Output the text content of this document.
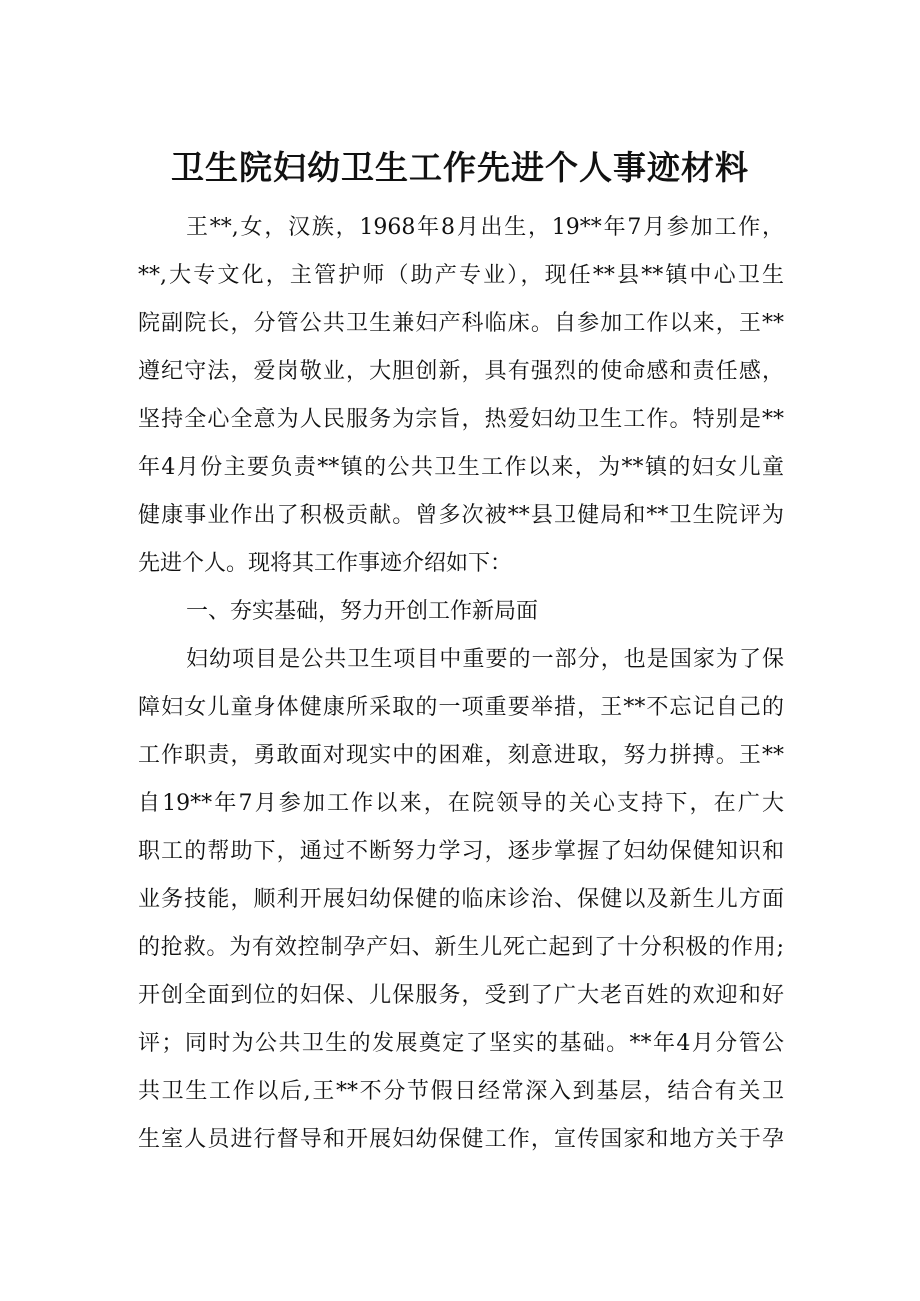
卫生院妇幼卫生工作先进个人事迹材料
王**,女，汉族，1968年8月出生，19**年7月参加工作，
**,大专文化，主管护师（助产专业），现任**县**镇中心卫生
院副院长，分管公共卫生兼妇产科临床。自参加工作以来，王**
遵纪守法，爱岗敬业，大胆创新，具有强烈的使命感和责任感，
坚持全心全意为人民服务为宗旨，热爱妇幼卫生工作。特别是**
年4月份主要负责**镇的公共卫生工作以来，为**镇的妇女儿童
健康事业作出了积极贡献。曾多次被**县卫健局和**卫生院评为
先进个人。现将其工作事迹介绍如下：
一、夯实基础，努力开创工作新局面
妇幼项目是公共卫生项目中重要的一部分，也是国家为了保
障妇女儿童身体健康所采取的一项重要举措，王**不忘记自己的
工作职责，勇敢面对现实中的困难，刻意进取，努力拼搏。王**
自19**年7月参加工作以来，在院领导的关心支持下，在广大
职工的帮助下，通过不断努力学习，逐步掌握了妇幼保健知识和
业务技能，顺利开展妇幼保健的临床诊治、保健以及新生儿方面
的抢救。为有效控制孕产妇、新生儿死亡起到了十分积极的作用;
开创全面到位的妇保、儿保服务，受到了广大老百姓的欢迎和好
评；同时为公共卫生的发展奠定了坚实的基础。**年4月分管公
共卫生工作以后,王**不分节假日经常深入到基层，结合有关卫
生室人员进行督导和开展妇幼保健工作，宣传国家和地方关于孕
